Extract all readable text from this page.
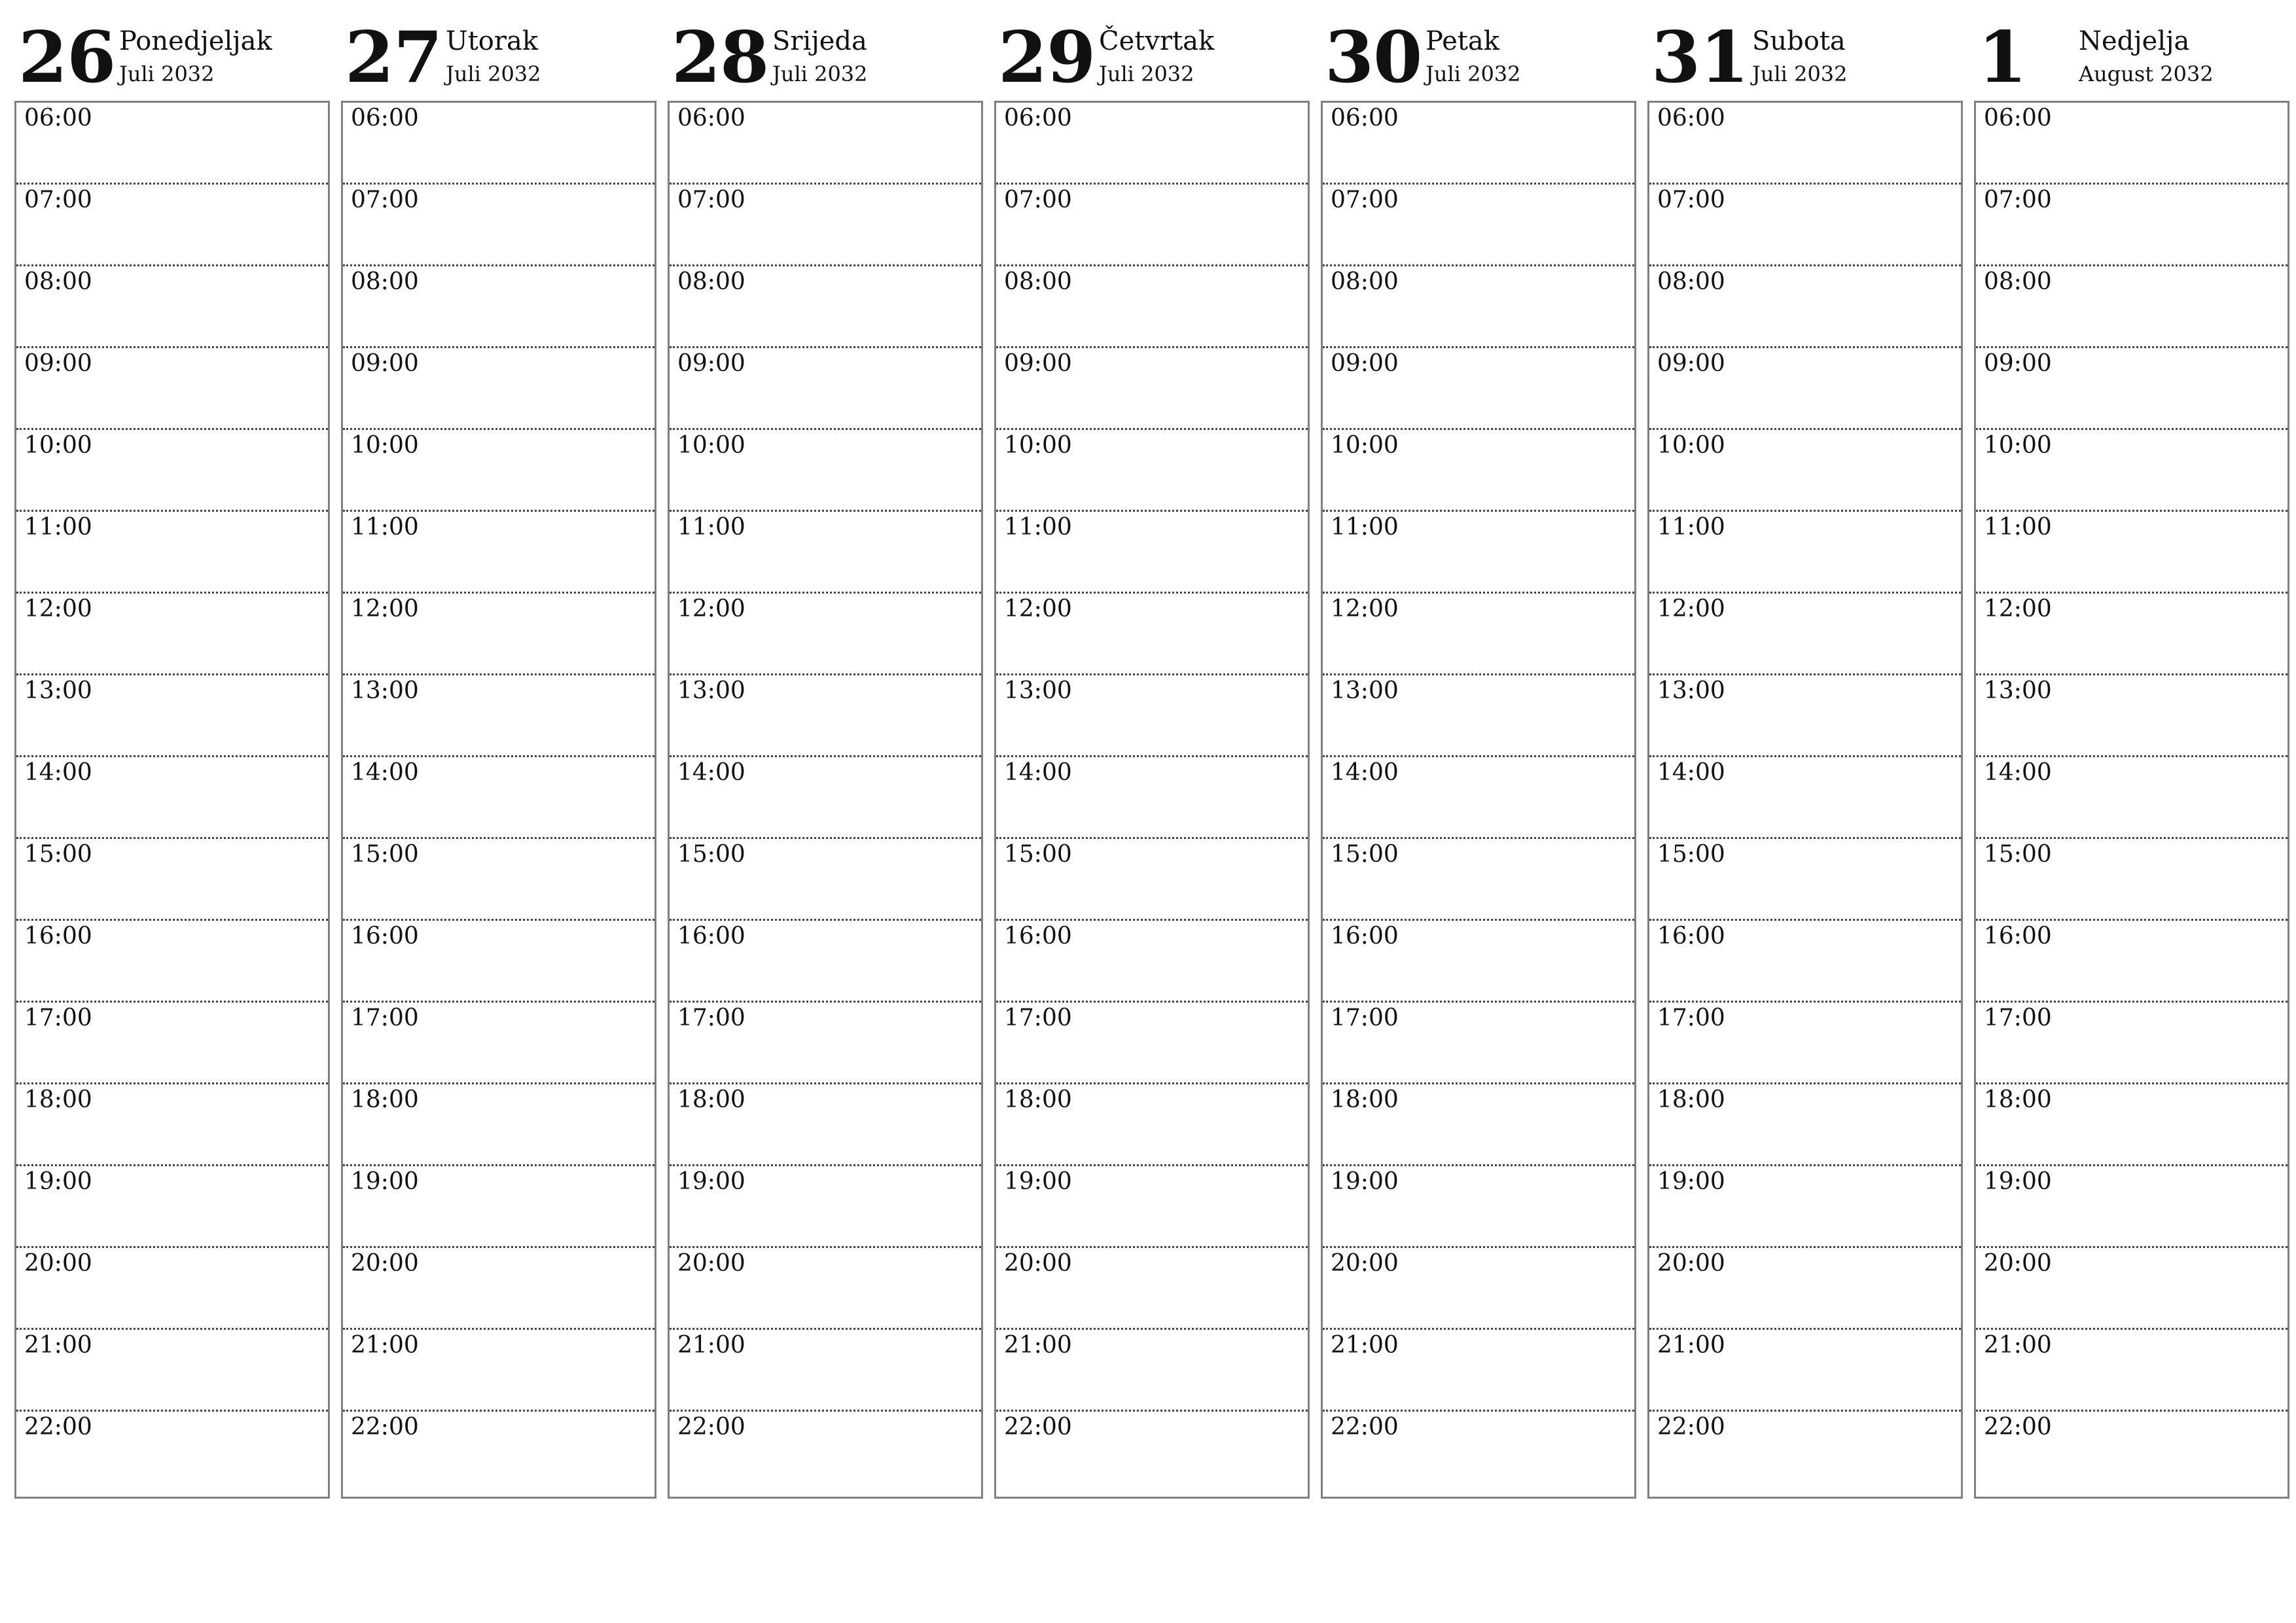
26 Ponedjeljak
Juli 2032
06:00
07:00
08:00
09:00
10:00
11:00
12:00
13:00
14:00
15:00
16:00
17:00
18:00
19:00
20:00
21:00
22:00
27 Utorak
Juli 2032
06:00
07:00
08:00
09:00
10:00
11:00
12:00
13:00
14:00
15:00
16:00
17:00
18:00
19:00
20:00
21:00
22:00
28 Srijeda
Juli 2032
06:00
07:00
08:00
09:00
10:00
11:00
12:00
13:00
14:00
15:00
16:00
17:00
18:00
19:00
20:00
21:00
22:00
29 Četvrtak
Juli 2032
06:00
07:00
08:00
09:00
10:00
11:00
12:00
13:00
14:00
15:00
16:00
17:00
18:00
19:00
20:00
21:00
22:00
30 Petak
Juli 2032
06:00
07:00
08:00
09:00
10:00
11:00
12:00
13:00
14:00
15:00
16:00
17:00
18:00
19:00
20:00
21:00
22:00
31 Subota
Juli 2032
06:00
07:00
08:00
09:00
10:00
11:00
12:00
13:00
14:00
15:00
16:00
17:00
18:00
19:00
20:00
21:00
22:00
1 Nedjelja
August 2032
06:00
07:00
08:00
09:00
10:00
11:00
12:00
13:00
14:00
15:00
16:00
17:00
18:00
19:00
20:00
21:00
22:00
